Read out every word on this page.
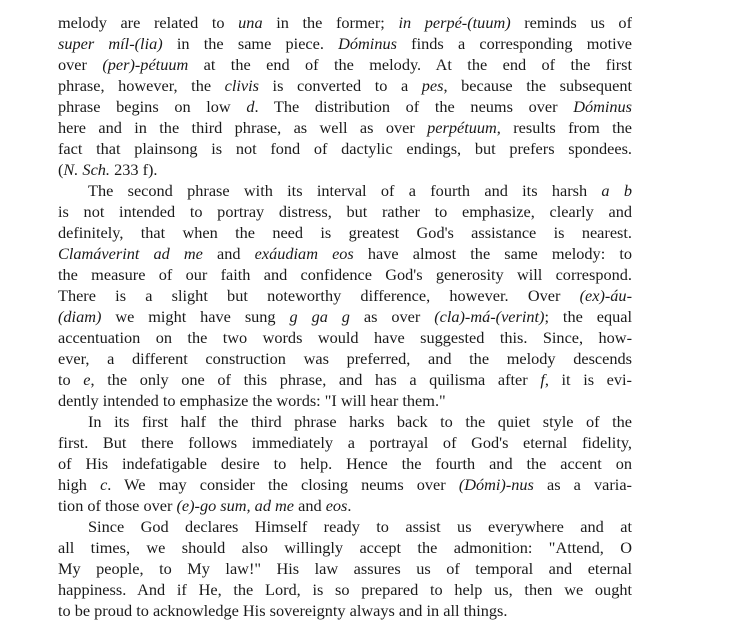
melody are related to una in the former; in perpé-(tuum) reminds us of
super míl-(lia) in the same piece. Dóminus finds a corresponding motive
over (per)-pétuum at the end of the melody. At the end of the first
phrase, however, the clivis is converted to a pes, because the subsequent
phrase begins on low d. The distribution of the neums over Dóminus
here and in the third phrase, as well as over perpétuum, results from the
fact that plainsong is not fond of dactylic endings, but prefers spondees.
(N. Sch. 233 f).
The second phrase with its interval of a fourth and its harsh a b
is not intended to portray distress, but rather to emphasize, clearly and
definitely, that when the need is greatest God's assistance is nearest.
Clamáverint ad me and exáudiam eos have almost the same melody: to
the measure of our faith and confidence God's generosity will correspond.
There is a slight but noteworthy difference, however. Over (ex)-áu-
(diam) we might have sung g ga g as over (cla)-má-(verint); the equal
accentuation on the two words would have suggested this. Since, how-
ever, a different construction was preferred, and the melody descends
to e, the only one of this phrase, and has a quilisma after f, it is evi-
dently intended to emphasize the words: "I will hear them."
In its first half the third phrase harks back to the quiet style of the
first. But there follows immediately a portrayal of God's eternal fidelity,
of His indefatigable desire to help. Hence the fourth and the accent on
high c. We may consider the closing neums over (Dómi)-nus as a varia-
tion of those over (e)-go sum, ad me and eos.
Since God declares Himself ready to assist us everywhere and at
all times, we should also willingly accept the admonition: "Attend, O
My people, to My law!" His law assures us of temporal and eternal
happiness. And if He, the Lord, is so prepared to help us, then we ought
to be proud to acknowledge His sovereignty always and in all things.
